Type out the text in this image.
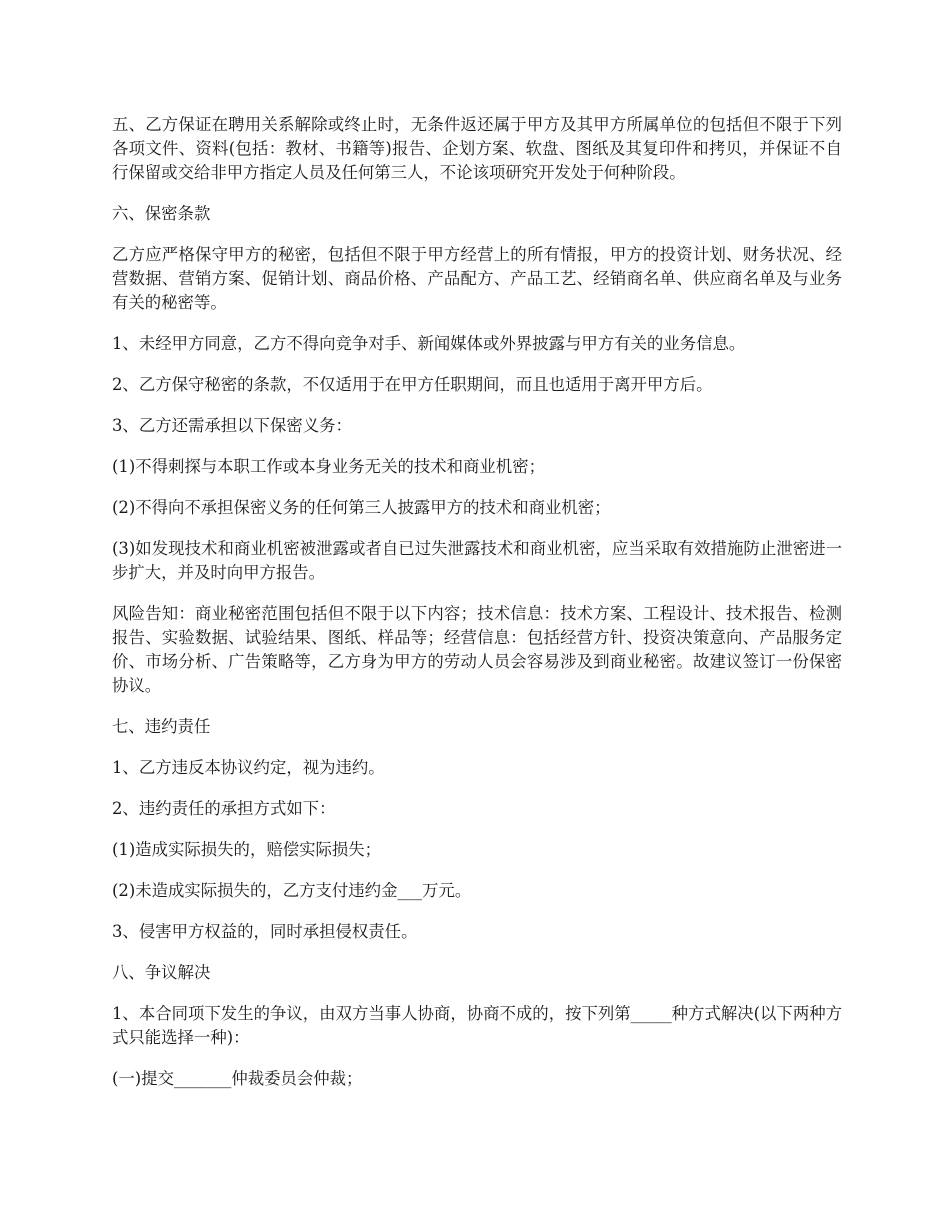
五、乙方保证在聘用关系解除或终止时，无条件返还属于甲方及其甲方所属单位的包括但不限于下列各项文件、资料(包括：教材、书籍等)报告、企划方案、软盘、图纸及其复印件和拷贝，并保证不自行保留或交给非甲方指定人员及任何第三人，不论该项研究开发处于何种阶段。

六、保密条款

乙方应严格保守甲方的秘密，包括但不限于甲方经营上的所有情报，甲方的投资计划、财务状况、经营数据、营销方案、促销计划、商品价格、产品配方、产品工艺、经销商名单、供应商名单及与业务有关的秘密等。

1、未经甲方同意，乙方不得向竞争对手、新闻媒体或外界披露与甲方有关的业务信息。

2、乙方保守秘密的条款，不仅适用于在甲方任职期间，而且也适用于离开甲方后。

3、乙方还需承担以下保密义务：

(1)不得刺探与本职工作或本身业务无关的技术和商业机密；

(2)不得向不承担保密义务的任何第三人披露甲方的技术和商业机密；

(3)如发现技术和商业机密被泄露或者自已过失泄露技术和商业机密，应当采取有效措施防止泄密进一步扩大，并及时向甲方报告。

风险告知：商业秘密范围包括但不限于以下内容；技术信息：技术方案、工程设计、技术报告、检测报告、实验数据、试验结果、图纸、样品等；经营信息：包括经营方针、投资决策意向、产品服务定价、市场分析、广告策略等，乙方身为甲方的劳动人员会容易涉及到商业秘密。故建议签订一份保密协议。

七、违约责任

1、乙方违反本协议约定，视为违约。

2、违约责任的承担方式如下：

(1)造成实际损失的，赔偿实际损失；

(2)未造成实际损失的，乙方支付违约金___万元。

3、侵害甲方权益的，同时承担侵权责任。

八、争议解决

1、本合同项下发生的争议，由双方当事人协商，协商不成的，按下列第_____种方式解决(以下两种方式只能选择一种)：

(一)提交_______仲裁委员会仲裁；
